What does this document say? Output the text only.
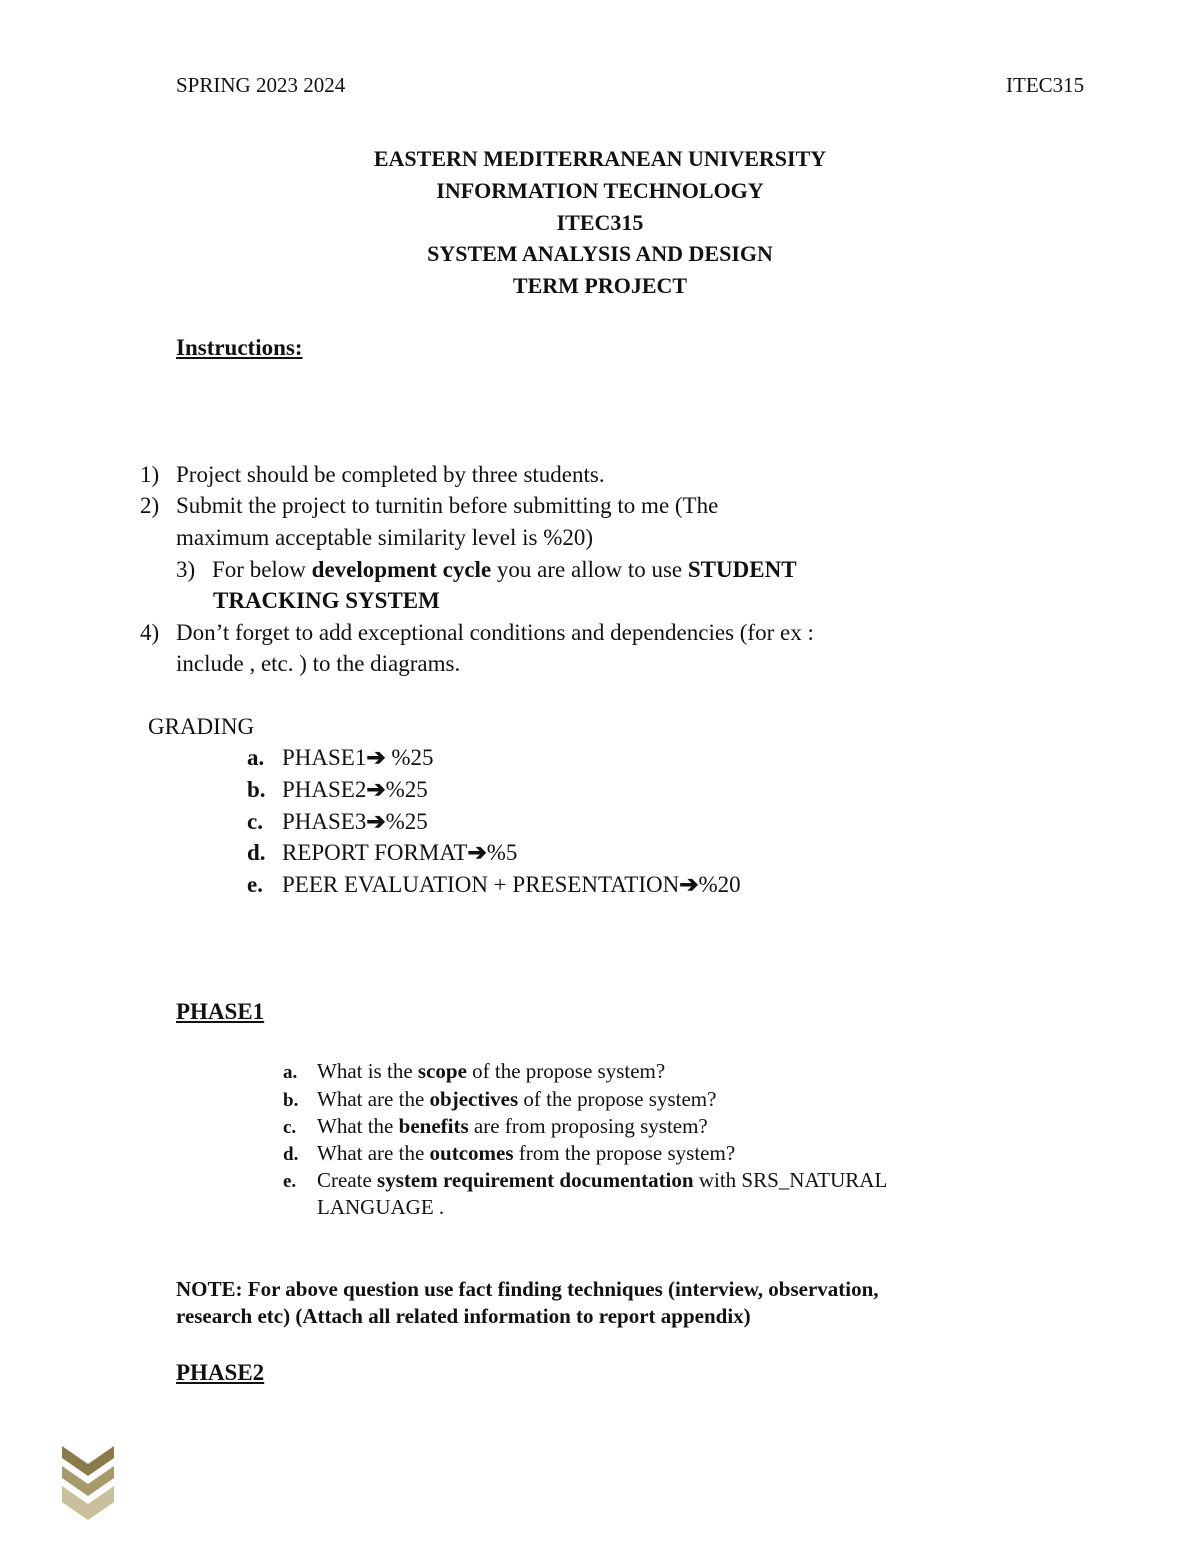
SPRING 2023 2024	ITEC315
EASTERN MEDITERRANEAN UNIVERSITY
INFORMATION TECHNOLOGY
ITEC315
SYSTEM ANALYSIS AND DESIGN
TERM PROJECT
Instructions:
1) Project should be completed by three students.
2) Submit the project to turnitin before submitting to me (The
maximum acceptable similarity level is %20)
3) For below development cycle you are allow to use STUDENT
TRACKING SYSTEM
4) Don’t forget to add exceptional conditions and dependencies (for ex :
include , etc. ) to the diagrams.
GRADING
a. PHASE1➔ %25
b. PHASE2➔%25
c. PHASE3➔%25
d. REPORT FORMAT➔%5
e. PEER EVALUATION + PRESENTATION➔%20
PHASE1
a. What is the scope of the propose system?
b. What are the objectives of the propose system?
c. What the benefits are from proposing system?
d. What are the outcomes from the propose system?
e. Create system requirement documentation with SRS_NATURAL
LANGUAGE .
NOTE: For above question use fact finding techniques (interview, observation,
research etc) (Attach all related information to report appendix)
PHASE2
